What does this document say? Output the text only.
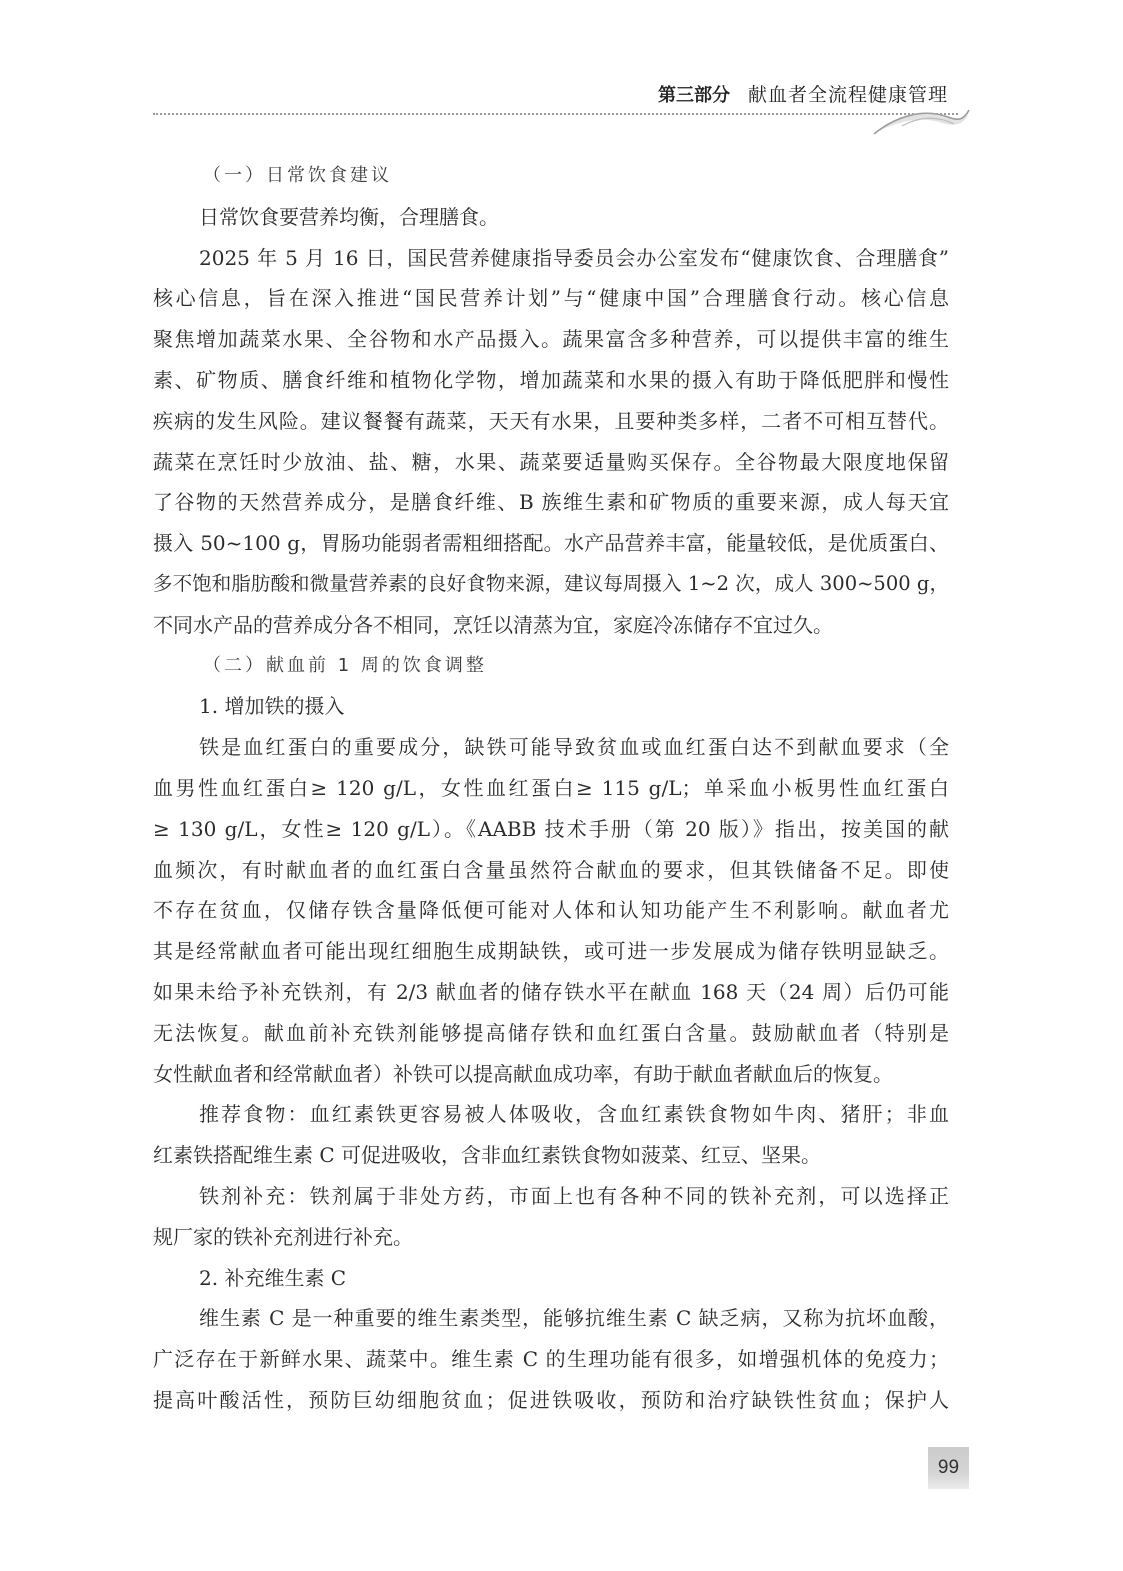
第三部分 献血者全流程健康管理
（一）日常饮食建议
日常饮食要营养均衡，合理膳食。
2025 年 5 月 16 日，国民营养健康指导委员会办公室发布“健康饮食、合理膳食”
核心信息，旨在深入推进“国民营养计划”与“健康中国”合理膳食行动。核心信息
聚焦增加蔬菜水果、全谷物和水产品摄入。蔬果富含多种营养，可以提供丰富的维生
素、矿物质、膳食纤维和植物化学物，增加蔬菜和水果的摄入有助于降低肥胖和慢性
疾病的发生风险。建议餐餐有蔬菜，天天有水果，且要种类多样，二者不可相互替代。
蔬菜在烹饪时少放油、盐、糖，水果、蔬菜要适量购买保存。全谷物最大限度地保留
了谷物的天然营养成分，是膳食纤维、B 族维生素和矿物质的重要来源，成人每天宜
摄入 50~100 g，胃肠功能弱者需粗细搭配。水产品营养丰富，能量较低，是优质蛋白、
多不饱和脂肪酸和微量营养素的良好食物来源，建议每周摄入 1~2 次，成人 300~500 g，
不同水产品的营养成分各不相同，烹饪以清蒸为宜，家庭冷冻储存不宜过久。
（二）献血前 1 周的饮食调整
1. 增加铁的摄入
铁是血红蛋白的重要成分，缺铁可能导致贫血或血红蛋白达不到献血要求（全
血男性血红蛋白≥ 120 g/L，女性血红蛋白≥ 115 g/L；单采血小板男性血红蛋白
≥ 130 g/L，女性≥ 120 g/L）。《AABB 技术手册（第 20 版）》指出，按美国的献
血频次，有时献血者的血红蛋白含量虽然符合献血的要求，但其铁储备不足。即使
不存在贫血，仅储存铁含量降低便可能对人体和认知功能产生不利影响。献血者尤
其是经常献血者可能出现红细胞生成期缺铁，或可进一步发展成为储存铁明显缺乏。
如果未给予补充铁剂，有 2/3 献血者的储存铁水平在献血 168 天（24 周）后仍可能
无法恢复。献血前补充铁剂能够提高储存铁和血红蛋白含量。鼓励献血者（特别是
女性献血者和经常献血者）补铁可以提高献血成功率，有助于献血者献血后的恢复。
推荐食物：血红素铁更容易被人体吸收，含血红素铁食物如牛肉、猪肝；非血
红素铁搭配维生素 C 可促进吸收，含非血红素铁食物如菠菜、红豆、坚果。
铁剂补充：铁剂属于非处方药，市面上也有各种不同的铁补充剂，可以选择正
规厂家的铁补充剂进行补充。
2. 补充维生素 C
维生素 C 是一种重要的维生素类型，能够抗维生素 C 缺乏病，又称为抗坏血酸，
广泛存在于新鲜水果、蔬菜中。维生素 C 的生理功能有很多，如增强机体的免疫力；
提高叶酸活性，预防巨幼细胞贫血；促进铁吸收，预防和治疗缺铁性贫血；保护人
99
